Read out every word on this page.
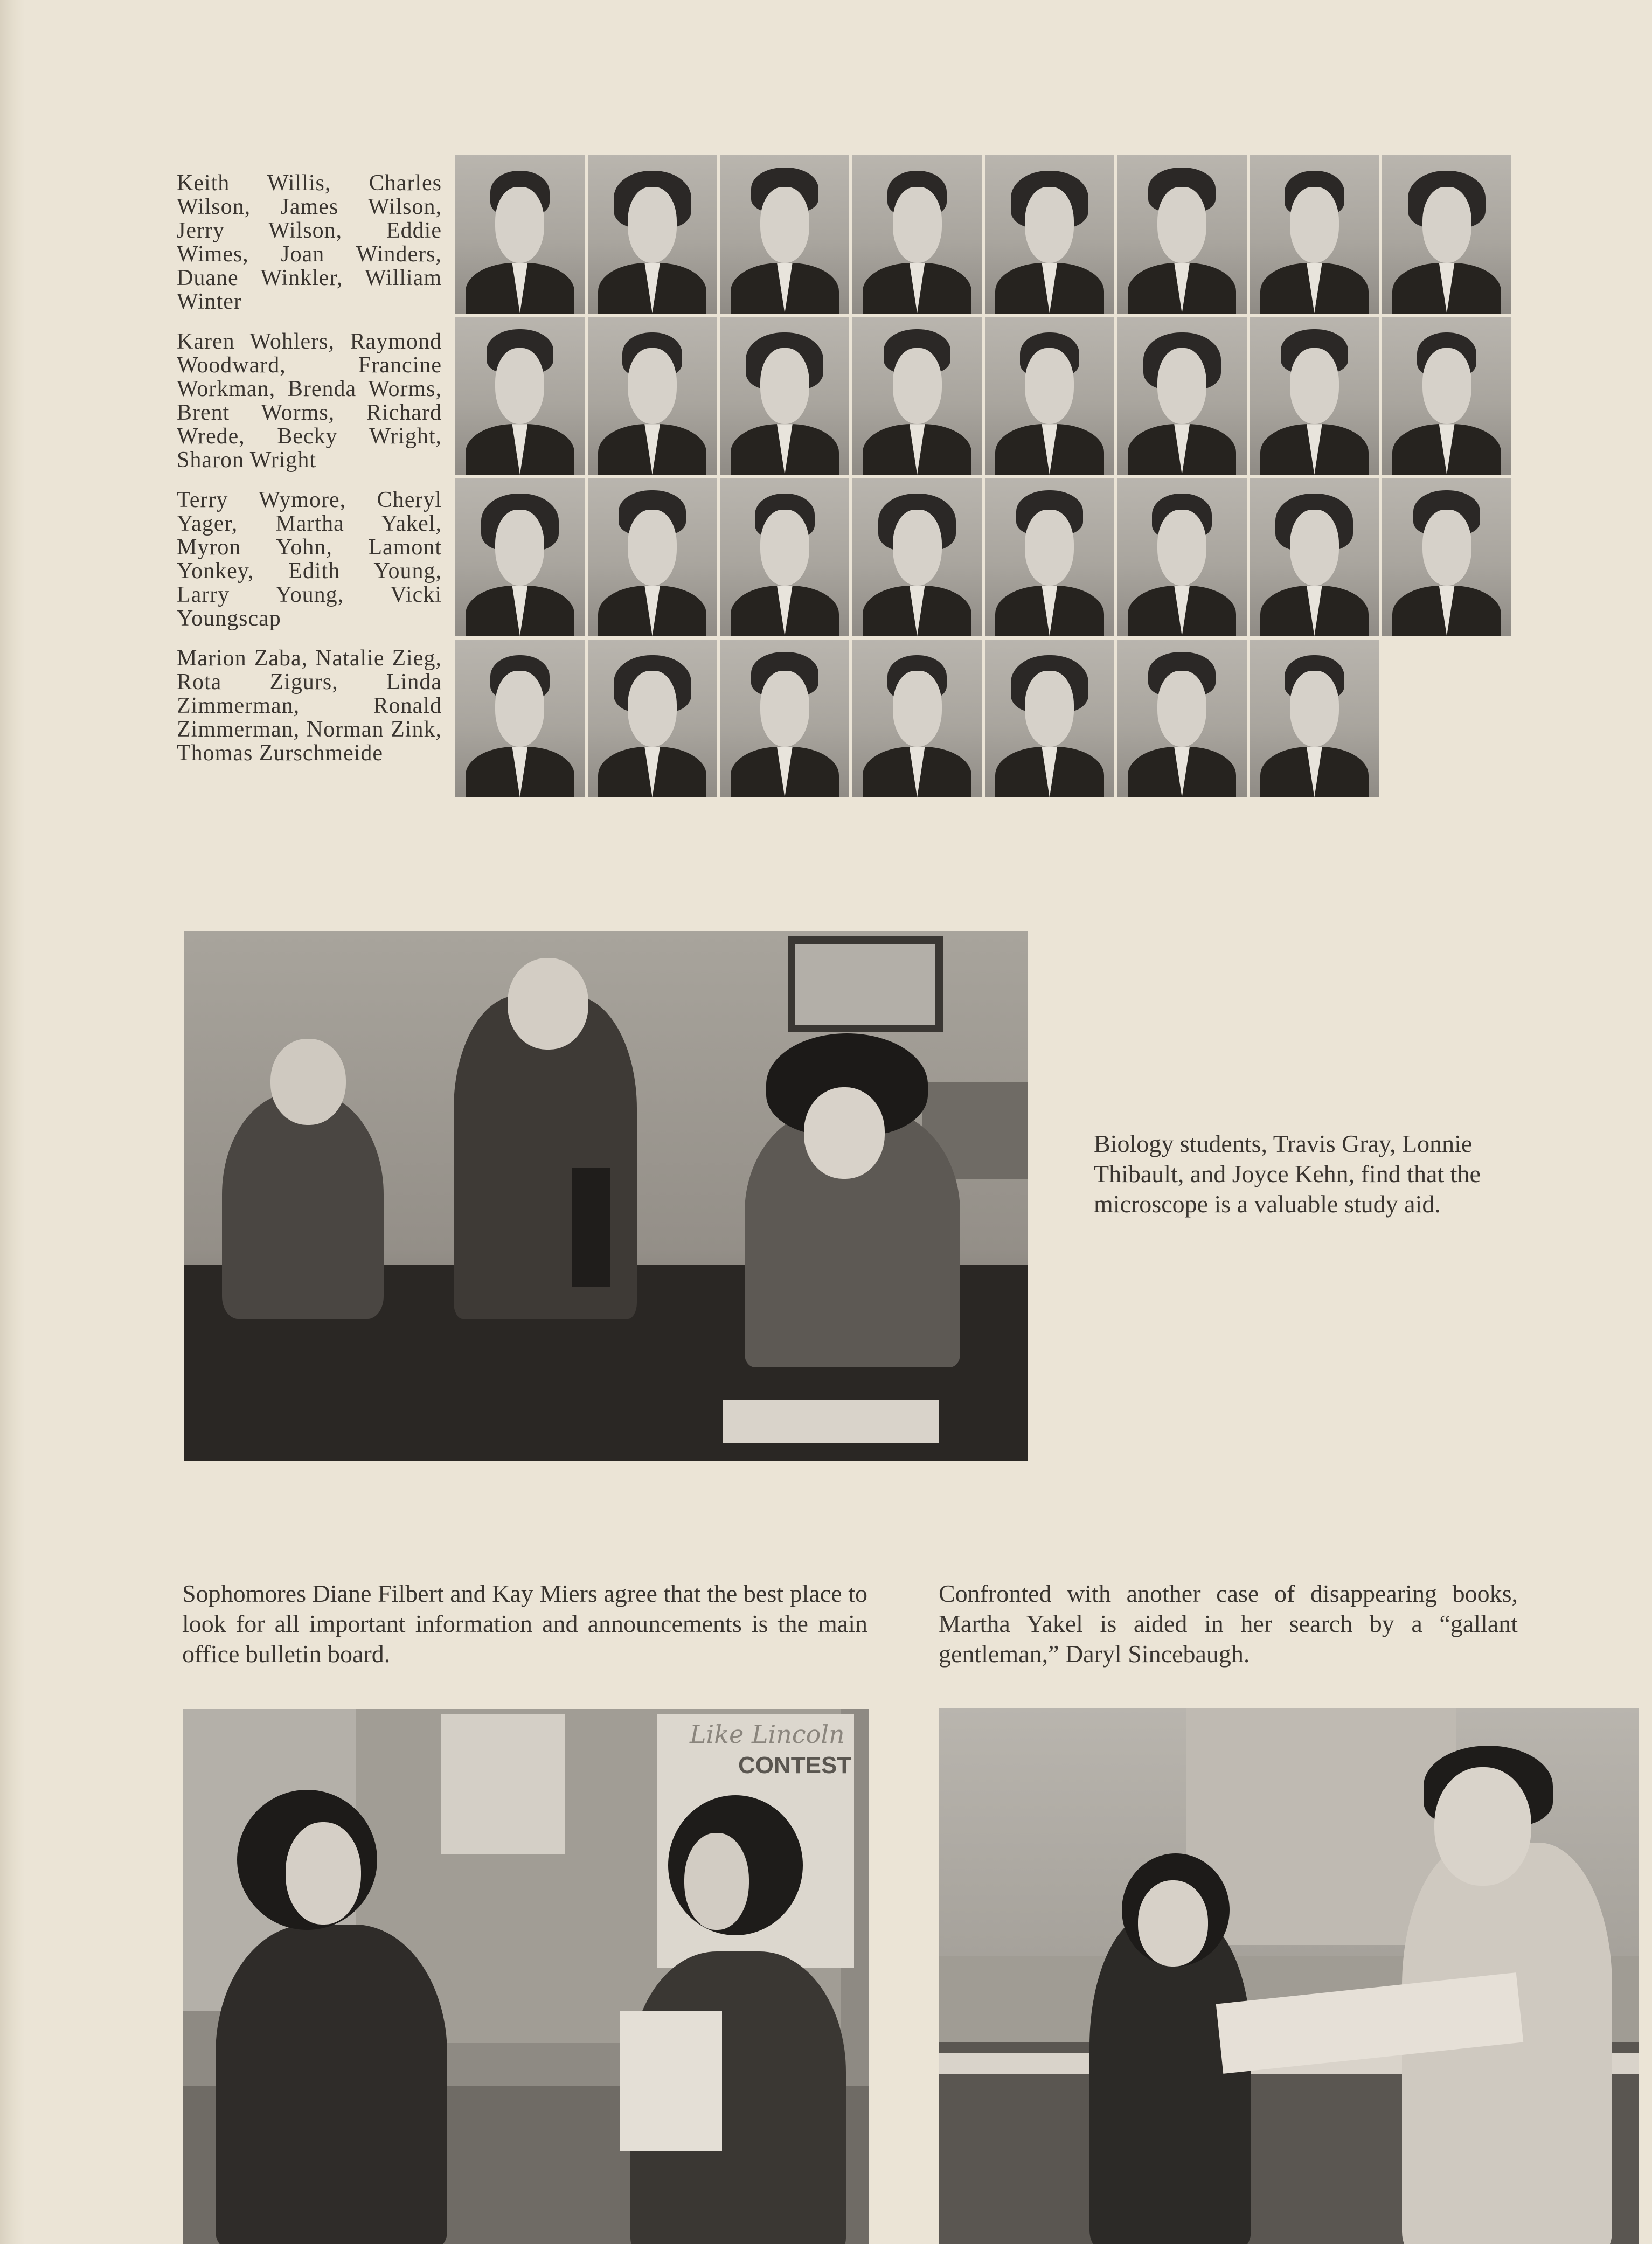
Keith Willis, Charles Wilson, James Wilson, Jerry Wilson, Eddie Wimes, Joan Winders, Duane Winkler, William Winter
Karen Wohlers, Raymond Woodward, Francine Workman, Brenda Worms, Brent Worms, Richard Wrede, Becky Wright, Sharon Wright
Terry Wymore, Cheryl Yager, Martha Yakel, Myron Yohn, Lamont Yonkey, Edith Young, Larry Young, Vicki Youngscap
Marion Zaba, Natalie Zieg, Rota Zigurs, Linda Zimmerman, Ronald Zimmerman, Norman Zink, Thomas Zurschmeide
Biology students, Travis Gray, Lonnie Thibault, and Joyce Kehn, find that the microscope is a valuable study aid.
Sophomores Diane Filbert and Kay Miers agree that the best place to look for all important information and announcements is the main office bulletin board.
Confronted with another case of disappearing books, Martha Yakel is aided in her search by a “gallant gentleman,” Daryl Sincebaugh.
Like Lincoln
CONTEST
